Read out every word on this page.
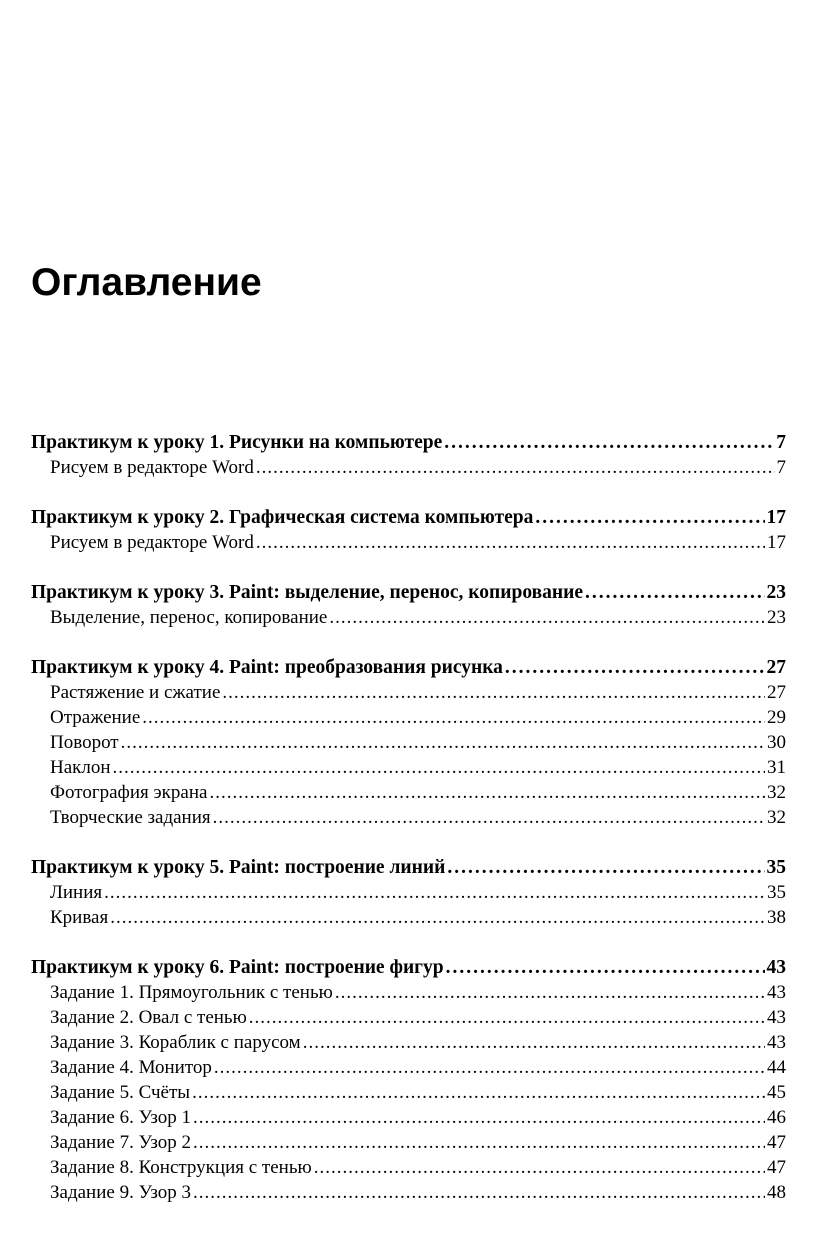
Оглавление
Практикум к уроку 1. Рисунки на компьютере .....	7
Рисуем в редакторе Word .....	7
Практикум к уроку 2. Графическая система компьютера .....	17
Рисуем в редакторе Word .....	17
Практикум к уроку 3. Paint: выделение, перенос, копирование .....	23
Выделение, перенос, копирование .....	23
Практикум к уроку 4. Paint: преобразования рисунка .....	27
Растяжение и сжатие .....	27
Отражение .....	29
Поворот .....	30
Наклон .....	31
Фотография экрана .....	32
Творческие задания .....	32
Практикум к уроку 5. Paint: построение линий .....	35
Линия .....	35
Кривая .....	38
Практикум к уроку 6. Paint: построение фигур .....	43
Задание 1. Прямоугольник с тенью .....	43
Задание 2. Овал с тенью .....	43
Задание 3. Кораблик с парусом .....	43
Задание 4. Монитор .....	44
Задание 5. Счёты .....	45
Задание 6. Узор 1 .....	46
Задание 7. Узор 2 .....	47
Задание 8. Конструкция с тенью .....	47
Задание 9. Узор 3 .....	48
